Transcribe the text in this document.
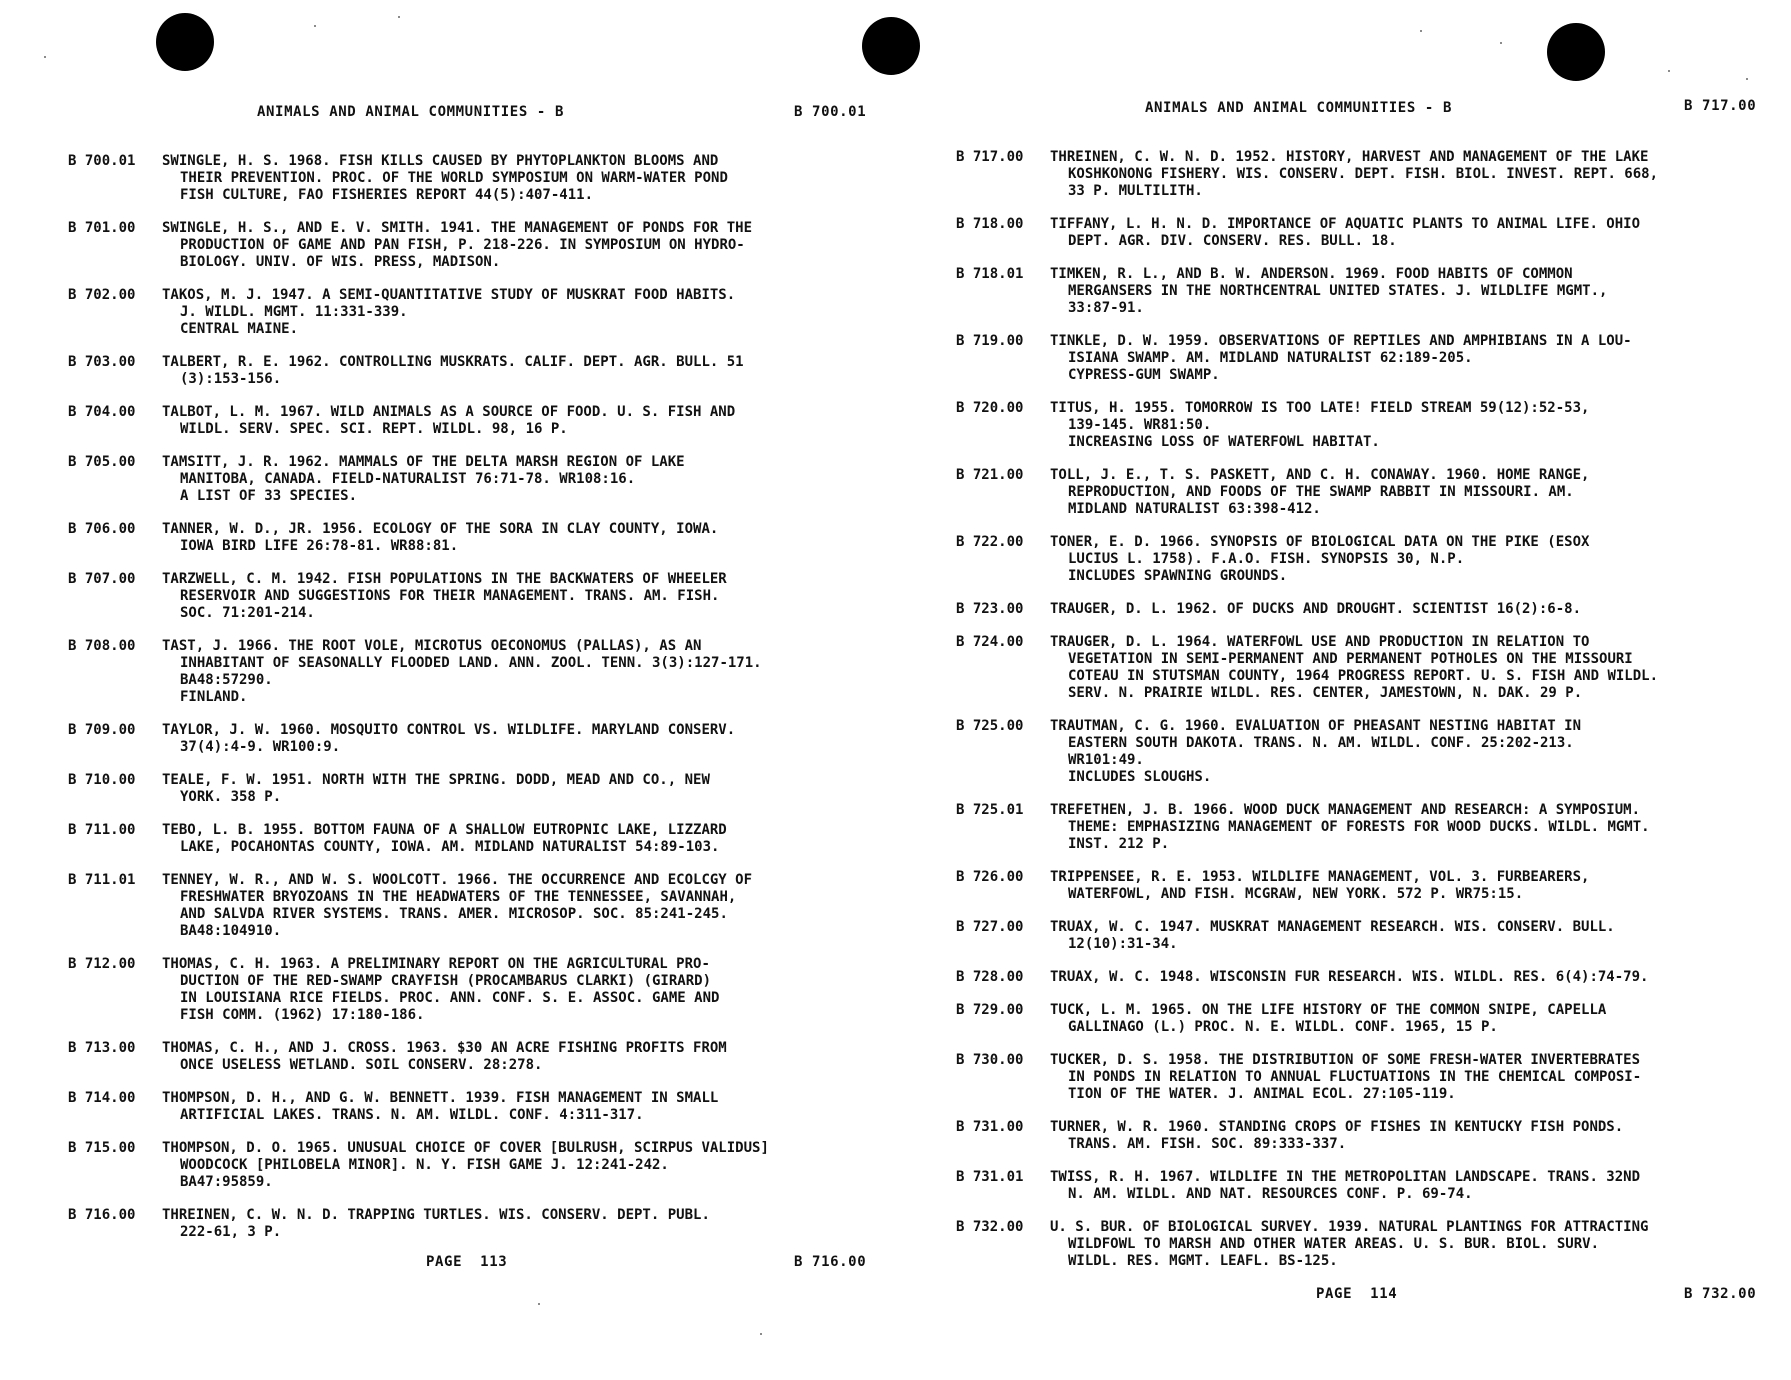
ANIMALS AND ANIMAL COMMUNITIES - B	B 700.01
B 700.01	SWINGLE, H. S. 1968. FISH KILLS CAUSED BY PHYTOPLANKTON BLOOMS AND
THEIR PREVENTION. PROC. OF THE WORLD SYMPOSIUM ON WARM-WATER POND
FISH CULTURE, FAO FISHERIES REPORT 44(5):407-411.
B 701.00	SWINGLE, H. S., AND E. V. SMITH. 1941. THE MANAGEMENT OF PONDS FOR THE
PRODUCTION OF GAME AND PAN FISH, P. 218-226. IN SYMPOSIUM ON HYDRO-
BIOLOGY. UNIV. OF WIS. PRESS, MADISON.
B 702.00	TAKOS, M. J. 1947. A SEMI-QUANTITATIVE STUDY OF MUSKRAT FOOD HABITS.
J. WILDL. MGMT. 11:331-339.
CENTRAL MAINE.
B 703.00	TALBERT, R. E. 1962. CONTROLLING MUSKRATS. CALIF. DEPT. AGR. BULL. 51
(3):153-156.
B 704.00	TALBOT, L. M. 1967. WILD ANIMALS AS A SOURCE OF FOOD. U. S. FISH AND
WILDL. SERV. SPEC. SCI. REPT. WILDL. 98, 16 P.
B 705.00	TAMSITT, J. R. 1962. MAMMALS OF THE DELTA MARSH REGION OF LAKE
MANITOBA, CANADA. FIELD-NATURALIST 76:71-78. WR108:16.
A LIST OF 33 SPECIES.
B 706.00	TANNER, W. D., JR. 1956. ECOLOGY OF THE SORA IN CLAY COUNTY, IOWA.
IOWA BIRD LIFE 26:78-81. WR88:81.
B 707.00	TARZWELL, C. M. 1942. FISH POPULATIONS IN THE BACKWATERS OF WHEELER
RESERVOIR AND SUGGESTIONS FOR THEIR MANAGEMENT. TRANS. AM. FISH.
SOC. 71:201-214.
B 708.00	TAST, J. 1966. THE ROOT VOLE, MICROTUS OECONOMUS (PALLAS), AS AN
INHABITANT OF SEASONALLY FLOODED LAND. ANN. ZOOL. TENN. 3(3):127-171.
BA48:57290.
FINLAND.
B 709.00	TAYLOR, J. W. 1960. MOSQUITO CONTROL VS. WILDLIFE. MARYLAND CONSERV.
37(4):4-9. WR100:9.
B 710.00	TEALE, F. W. 1951. NORTH WITH THE SPRING. DODD, MEAD AND CO., NEW
YORK. 358 P.
B 711.00	TEBO, L. B. 1955. BOTTOM FAUNA OF A SHALLOW EUTROPNIC LAKE, LIZZARD
LAKE, POCAHONTAS COUNTY, IOWA. AM. MIDLAND NATURALIST 54:89-103.
B 711.01	TENNEY, W. R., AND W. S. WOOLCOTT. 1966. THE OCCURRENCE AND ECOLCGY OF
FRESHWATER BRYOZOANS IN THE HEADWATERS OF THE TENNESSEE, SAVANNAH,
AND SALVDA RIVER SYSTEMS. TRANS. AMER. MICROSOP. SOC. 85:241-245.
BA48:104910.
B 712.00	THOMAS, C. H. 1963. A PRELIMINARY REPORT ON THE AGRICULTURAL PRO-
DUCTION OF THE RED-SWAMP CRAYFISH (PROCAMBARUS CLARKI) (GIRARD)
IN LOUISIANA RICE FIELDS. PROC. ANN. CONF. S. E. ASSOC. GAME AND
FISH COMM. (1962) 17:180-186.
B 713.00	THOMAS, C. H., AND J. CROSS. 1963. $30 AN ACRE FISHING PROFITS FROM
ONCE USELESS WETLAND. SOIL CONSERV. 28:278.
B 714.00	THOMPSON, D. H., AND G. W. BENNETT. 1939. FISH MANAGEMENT IN SMALL
ARTIFICIAL LAKES. TRANS. N. AM. WILDL. CONF. 4:311-317.
B 715.00	THOMPSON, D. O. 1965. UNUSUAL CHOICE OF COVER [BULRUSH, SCIRPUS VALIDUS]
WOODCOCK [PHILOBELA MINOR]. N. Y. FISH GAME J. 12:241-242.
BA47:95859.
B 716.00	THREINEN, C. W. N. D. TRAPPING TURTLES. WIS. CONSERV. DEPT. PUBL.
222-61, 3 P.
PAGE  113	B 716.00
ANIMALS AND ANIMAL COMMUNITIES - B	B 717.00
B 717.00	THREINEN, C. W. N. D. 1952. HISTORY, HARVEST AND MANAGEMENT OF THE LAKE
KOSHKONONG FISHERY. WIS. CONSERV. DEPT. FISH. BIOL. INVEST. REPT. 668,
33 P. MULTILITH.
B 718.00	TIFFANY, L. H. N. D. IMPORTANCE OF AQUATIC PLANTS TO ANIMAL LIFE. OHIO
DEPT. AGR. DIV. CONSERV. RES. BULL. 18.
B 718.01	TIMKEN, R. L., AND B. W. ANDERSON. 1969. FOOD HABITS OF COMMON
MERGANSERS IN THE NORTHCENTRAL UNITED STATES. J. WILDLIFE MGMT.,
33:87-91.
B 719.00	TINKLE, D. W. 1959. OBSERVATIONS OF REPTILES AND AMPHIBIANS IN A LOU-
ISIANA SWAMP. AM. MIDLAND NATURALIST 62:189-205.
CYPRESS-GUM SWAMP.
B 720.00	TITUS, H. 1955. TOMORROW IS TOO LATE! FIELD STREAM 59(12):52-53,
139-145. WR81:50.
INCREASING LOSS OF WATERFOWL HABITAT.
B 721.00	TOLL, J. E., T. S. PASKETT, AND C. H. CONAWAY. 1960. HOME RANGE,
REPRODUCTION, AND FOODS OF THE SWAMP RABBIT IN MISSOURI. AM.
MIDLAND NATURALIST 63:398-412.
B 722.00	TONER, E. D. 1966. SYNOPSIS OF BIOLOGICAL DATA ON THE PIKE (ESOX
LUCIUS L. 1758). F.A.O. FISH. SYNOPSIS 30, N.P.
INCLUDES SPAWNING GROUNDS.
B 723.00	TRAUGER, D. L. 1962. OF DUCKS AND DROUGHT. SCIENTIST 16(2):6-8.
B 724.00	TRAUGER, D. L. 1964. WATERFOWL USE AND PRODUCTION IN RELATION TO
VEGETATION IN SEMI-PERMANENT AND PERMANENT POTHOLES ON THE MISSOURI
COTEAU IN STUTSMAN COUNTY, 1964 PROGRESS REPORT. U. S. FISH AND WILDL.
SERV. N. PRAIRIE WILDL. RES. CENTER, JAMESTOWN, N. DAK. 29 P.
B 725.00	TRAUTMAN, C. G. 1960. EVALUATION OF PHEASANT NESTING HABITAT IN
EASTERN SOUTH DAKOTA. TRANS. N. AM. WILDL. CONF. 25:202-213.
WR101:49.
INCLUDES SLOUGHS.
B 725.01	TREFETHEN, J. B. 1966. WOOD DUCK MANAGEMENT AND RESEARCH: A SYMPOSIUM.
THEME: EMPHASIZING MANAGEMENT OF FORESTS FOR WOOD DUCKS. WILDL. MGMT.
INST. 212 P.
B 726.00	TRIPPENSEE, R. E. 1953. WILDLIFE MANAGEMENT, VOL. 3. FURBEARERS,
WATERFOWL, AND FISH. MCGRAW, NEW YORK. 572 P. WR75:15.
B 727.00	TRUAX, W. C. 1947. MUSKRAT MANAGEMENT RESEARCH. WIS. CONSERV. BULL.
12(10):31-34.
B 728.00	TRUAX, W. C. 1948. WISCONSIN FUR RESEARCH. WIS. WILDL. RES. 6(4):74-79.
B 729.00	TUCK, L. M. 1965. ON THE LIFE HISTORY OF THE COMMON SNIPE, CAPELLA
GALLINAGO (L.) PROC. N. E. WILDL. CONF. 1965, 15 P.
B 730.00	TUCKER, D. S. 1958. THE DISTRIBUTION OF SOME FRESH-WATER INVERTEBRATES
IN PONDS IN RELATION TO ANNUAL FLUCTUATIONS IN THE CHEMICAL COMPOSI-
TION OF THE WATER. J. ANIMAL ECOL. 27:105-119.
B 731.00	TURNER, W. R. 1960. STANDING CROPS OF FISHES IN KENTUCKY FISH PONDS.
TRANS. AM. FISH. SOC. 89:333-337.
B 731.01	TWISS, R. H. 1967. WILDLIFE IN THE METROPOLITAN LANDSCAPE. TRANS. 32ND
N. AM. WILDL. AND NAT. RESOURCES CONF. P. 69-74.
B 732.00	U. S. BUR. OF BIOLOGICAL SURVEY. 1939. NATURAL PLANTINGS FOR ATTRACTING
WILDFOWL TO MARSH AND OTHER WATER AREAS. U. S. BUR. BIOL. SURV.
WILDL. RES. MGMT. LEAFL. BS-125.
PAGE  114	B 732.00
